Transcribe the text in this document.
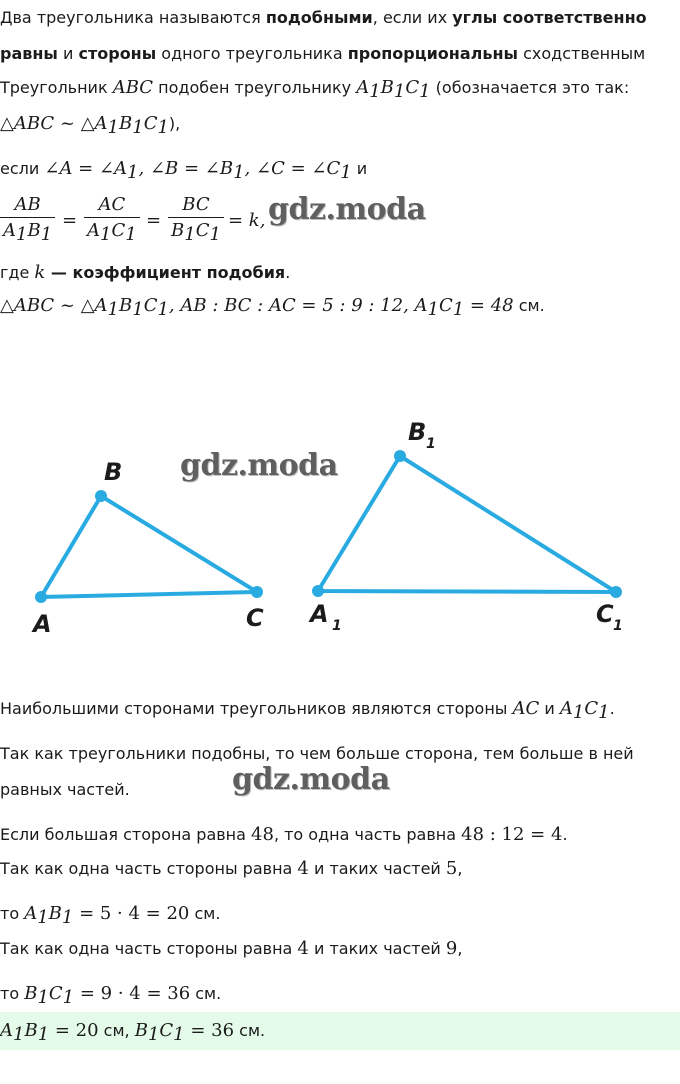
Два треугольника называются подобными, если их углы соответственно
равны и стороны одного треугольника пропорциональны сходственным
Треугольник ABC подобен треугольнику $A_1B_1C_1$ (обозначается это так:
△ABC ~ $\triangle A_1B_1C_1$),
если ∠A = $\angle A_1$, ∠B = $\angle B_1$, ∠C = $\angle C_1$ и
$\frac{AB}{A_1B_1} = \frac{AC}{A_1C_1} = \frac{BC}{B_1C_1} = k$, gdz.moda
где k — коэффициент подобия.
△ABC ~ $\triangle A_1B_1C_1$, AB : BC : AC = 5 : 9 : 12, $A_1C_1 = 48$ см.
A
B
C A 1
B 1
C 1
gdz.moda
Наибольшими сторонами треугольников являются стороны AC и $A_1C_1$.
Так как треугольники подобны, то чем больше сторона, тем больше в ней
равных частей.	gdz.moda
Если большая сторона равна 48, то одна часть равна 48 : 12 = 4.
Так как одна часть стороны равна 4 и таких частей 5,
то $A_1B_1 = 5 \cdot 4 = 20$ см.
Так как одна часть стороны равна 4 и таких частей 9,
то $B_1C_1 = 9 \cdot 4 = 36$ см.
$A_1B_1 = 20$ см, $B_1C_1 = 36$ см.
